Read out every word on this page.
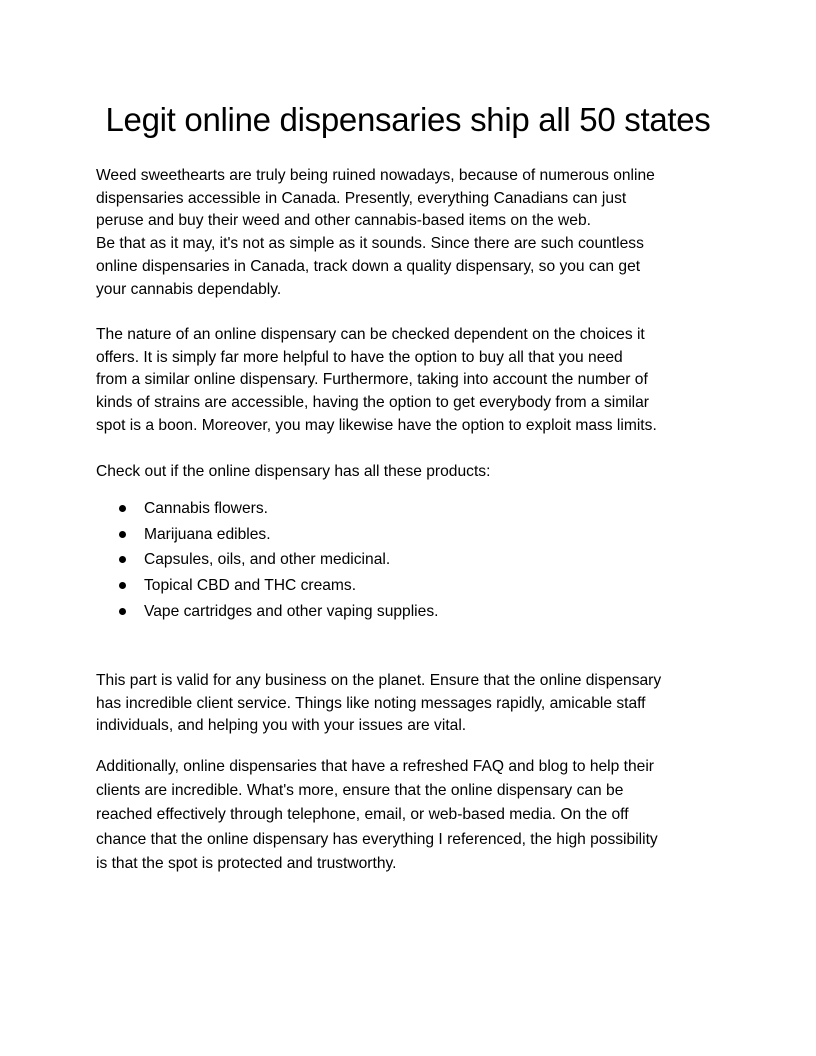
Legit online dispensaries ship all 50 states

Weed sweethearts are truly being ruined nowadays, because of numerous online
dispensaries accessible in Canada. Presently, everything Canadians can just
peruse and buy their weed and other cannabis-based items on the web.
Be that as it may, it's not as simple as it sounds. Since there are such countless
online dispensaries in Canada, track down a quality dispensary, so you can get
your cannabis dependably.

The nature of an online dispensary can be checked dependent on the choices it
offers. It is simply far more helpful to have the option to buy all that you need
from a similar online dispensary. Furthermore, taking into account the number of
kinds of strains are accessible, having the option to get everybody from a similar
spot is a boon. Moreover, you may likewise have the option to exploit mass limits.

Check out if the online dispensary has all these products:

Cannabis flowers.
Marijuana edibles.
Capsules, oils, and other medicinal.
Topical CBD and THC creams.
Vape cartridges and other vaping supplies.

This part is valid for any business on the planet. Ensure that the online dispensary
has incredible client service. Things like noting messages rapidly, amicable staff
individuals, and helping you with your issues are vital.

Additionally, online dispensaries that have a refreshed FAQ and blog to help their
clients are incredible. What's more, ensure that the online dispensary can be
reached effectively through telephone, email, or web-based media. On the off
chance that the online dispensary has everything I referenced, the high possibility
is that the spot is protected and trustworthy.
